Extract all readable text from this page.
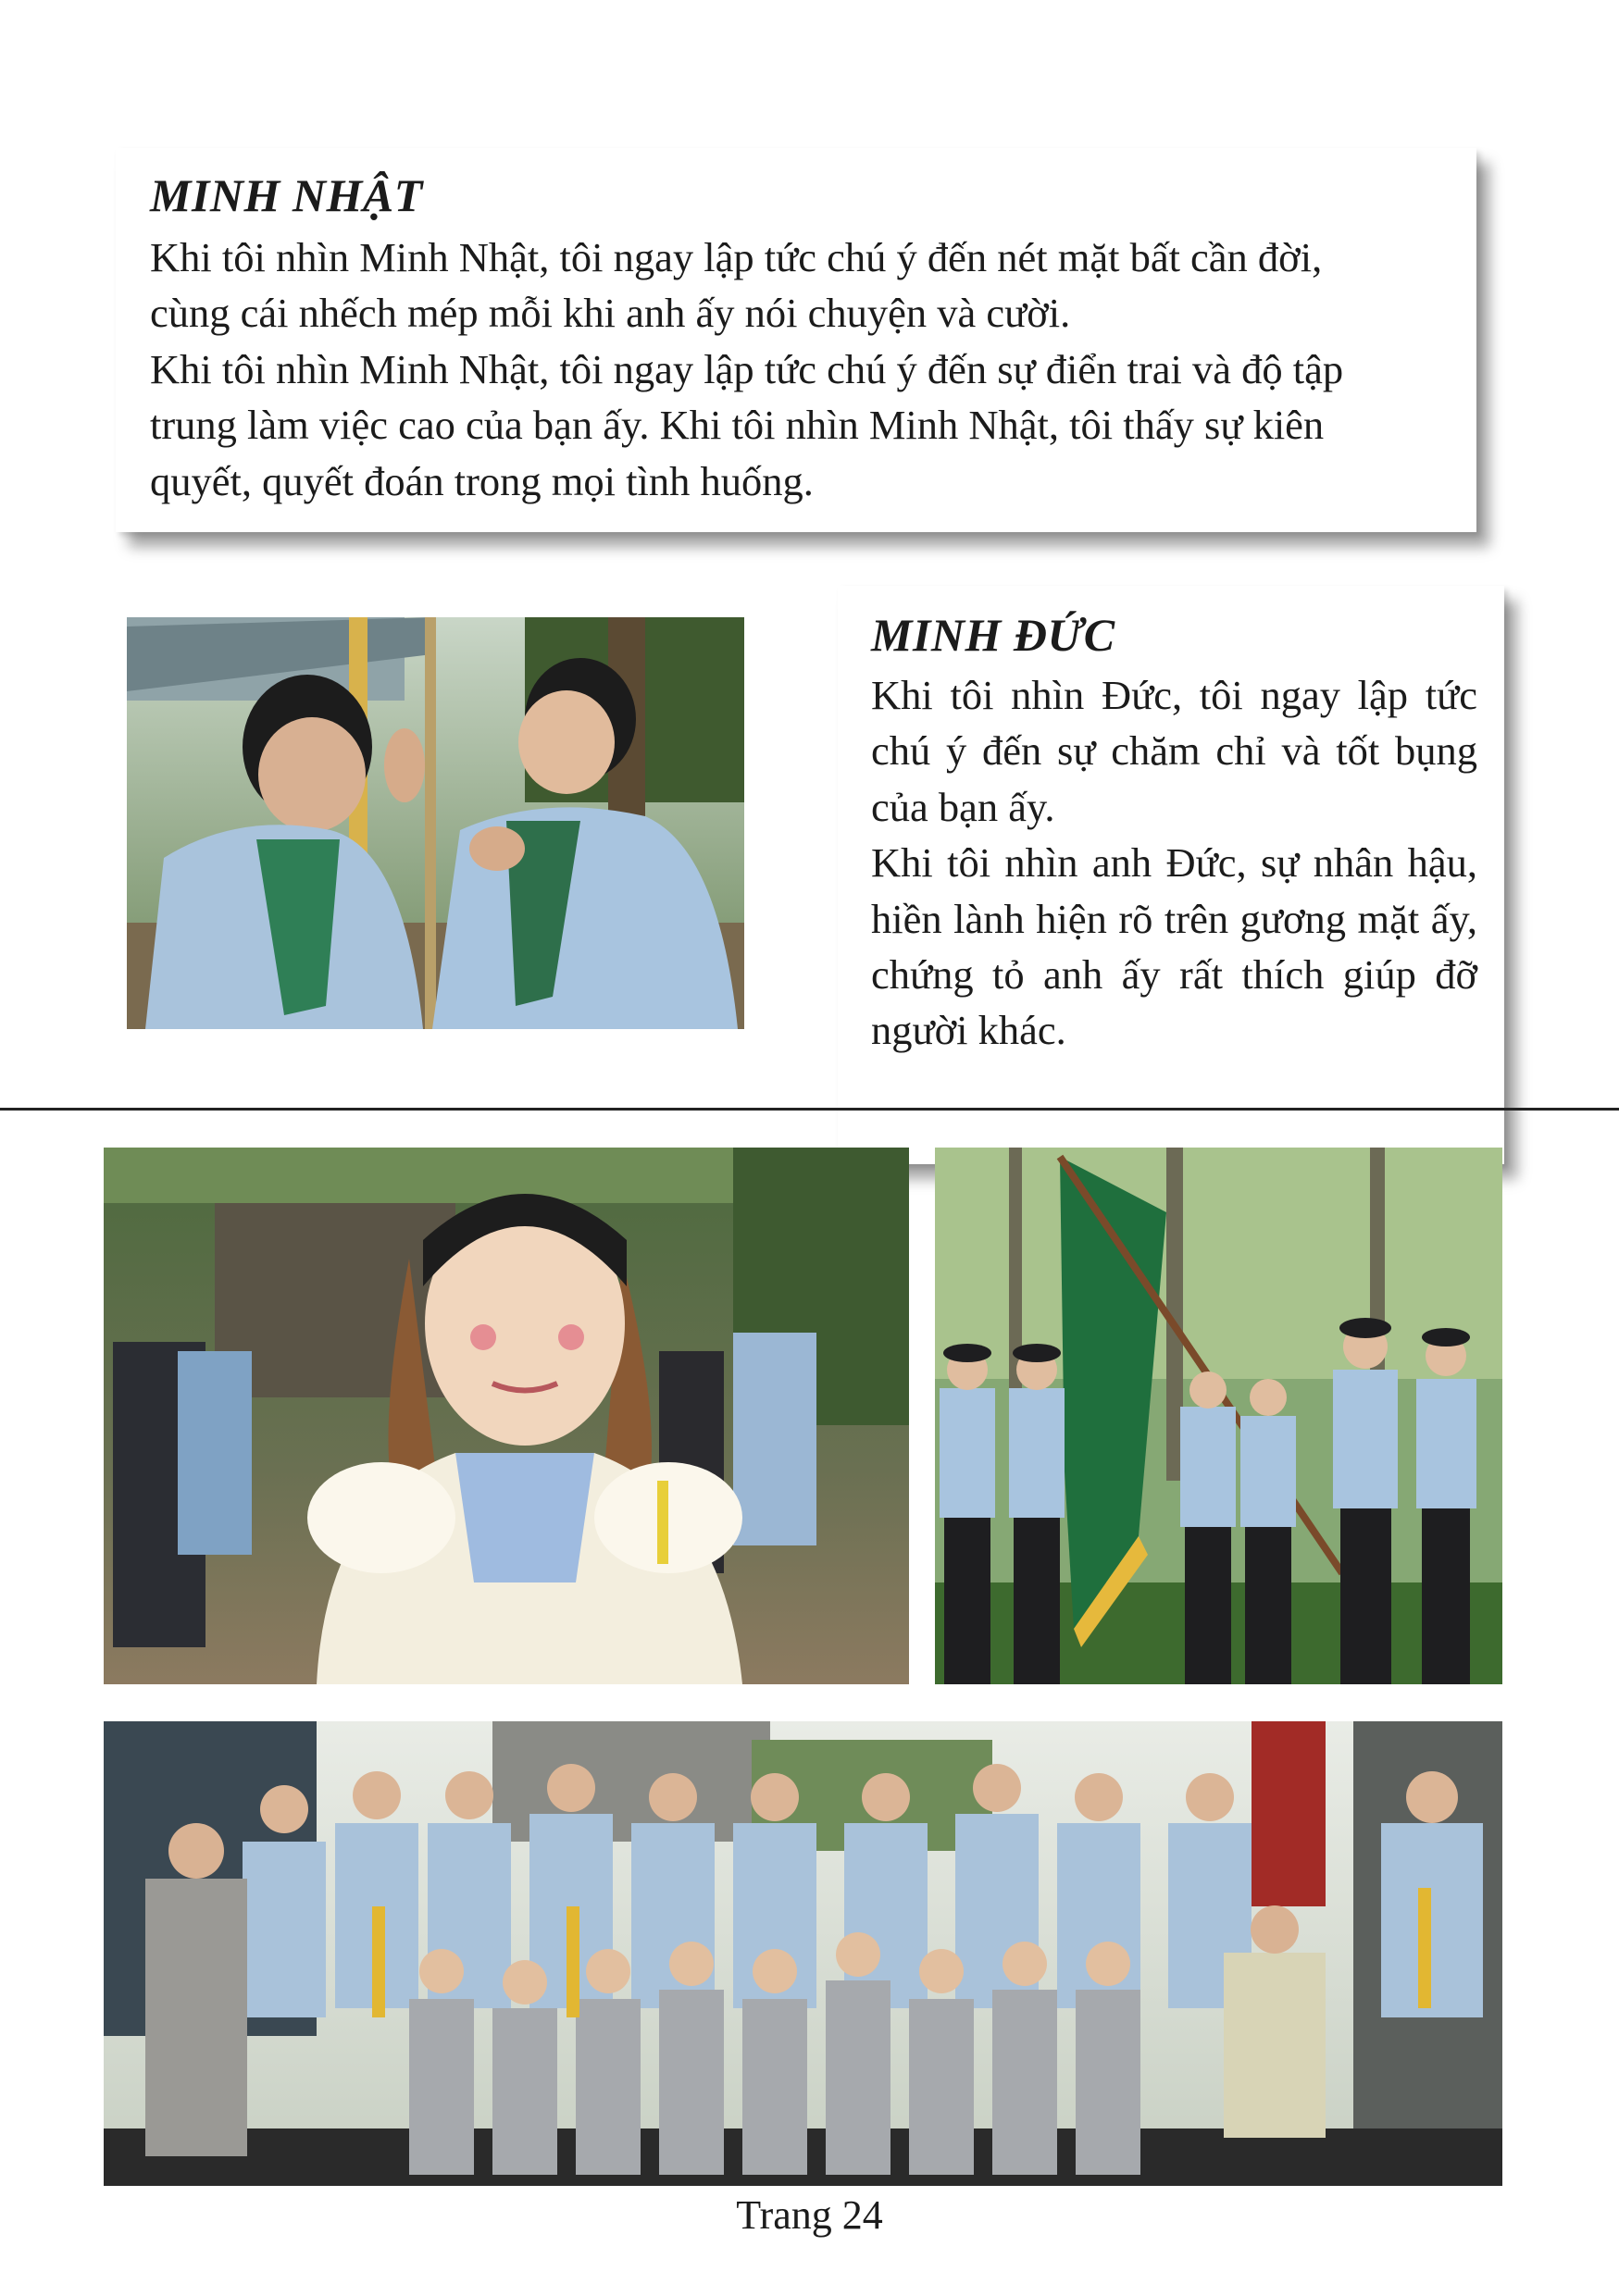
MINH NHẬT
Khi tôi nhìn Minh Nhật, tôi ngay lập tức chú ý đến nét mặt bất cần đời,
cùng cái nhếch mép mỗi khi anh ấy nói chuyện và cười.
Khi tôi nhìn Minh Nhật, tôi ngay lập tức chú ý đến sự điển trai và độ tập
trung làm việc cao của bạn ấy. Khi tôi nhìn Minh Nhật, tôi thấy sự kiên
quyết, quyết đoán trong mọi tình huống.
MINH ĐỨC

Khi tôi nhìn Đức, tôi ngay lập tức chú ý đến sự chăm chỉ và tốt bụng của bạn ấy.

Khi tôi nhìn anh Đức, sự nhân hậu, hiền lành hiện rõ trên gương mặt ấy, chứng tỏ anh ấy rất thích giúp đỡ người khác.

Trang 24
